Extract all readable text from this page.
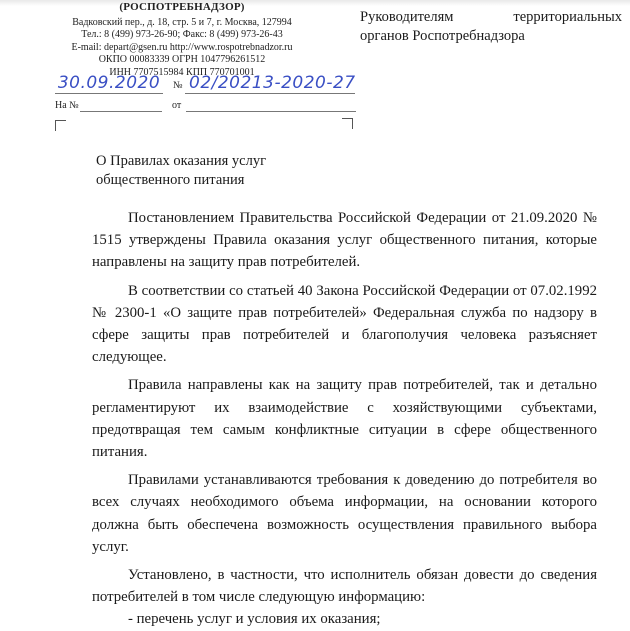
(РОСПОТРЕБНАДЗОР)
Вадковский пер., д. 18, стр. 5 и 7, г. Москва, 127994
Тел.: 8 (499) 973-26-90; Факс: 8 (499) 973-26-43
E-mail: depart@gsen.ru http://www.rospotrebnadzor.ru
ОКПО 00083339 ОГРН 1047796261512
ИНН 7707515984 КПП 770701001
30.09.2020 № 02/20213-2020-27
На №	от
Руководителям	территориальных
органов Роспотребнадзора
О Правилах оказания услуг
общественного питания

Постановлением Правительства Российской Федерации от 21.09.2020 № 1515 утверждены Правила оказания услуг общественного питания, которые направлены на защиту прав потребителей.

В соответствии со статьей 40 Закона Российской Федерации от 07.02.1992 № 2300-1 «О защите прав потребителей» Федеральная служба по надзору в сфере защиты прав потребителей и благополучия человека разъясняет следующее.

Правила направлены как на защиту прав потребителей, так и детально регламентируют их взаимодействие с хозяйствующими субъектами, предотвращая тем самым конфликтные ситуации в сфере общественного питания.

Правилами устанавливаются требования к доведению до потребителя во всех случаях необходимого объема информации, на основании которого должна быть обеспечена возможность осуществления правильного выбора услуг.

Установлено, в частности, что исполнитель обязан довести до сведения потребителей в том числе следующую информацию:

- перечень услуг и условия их оказания;
